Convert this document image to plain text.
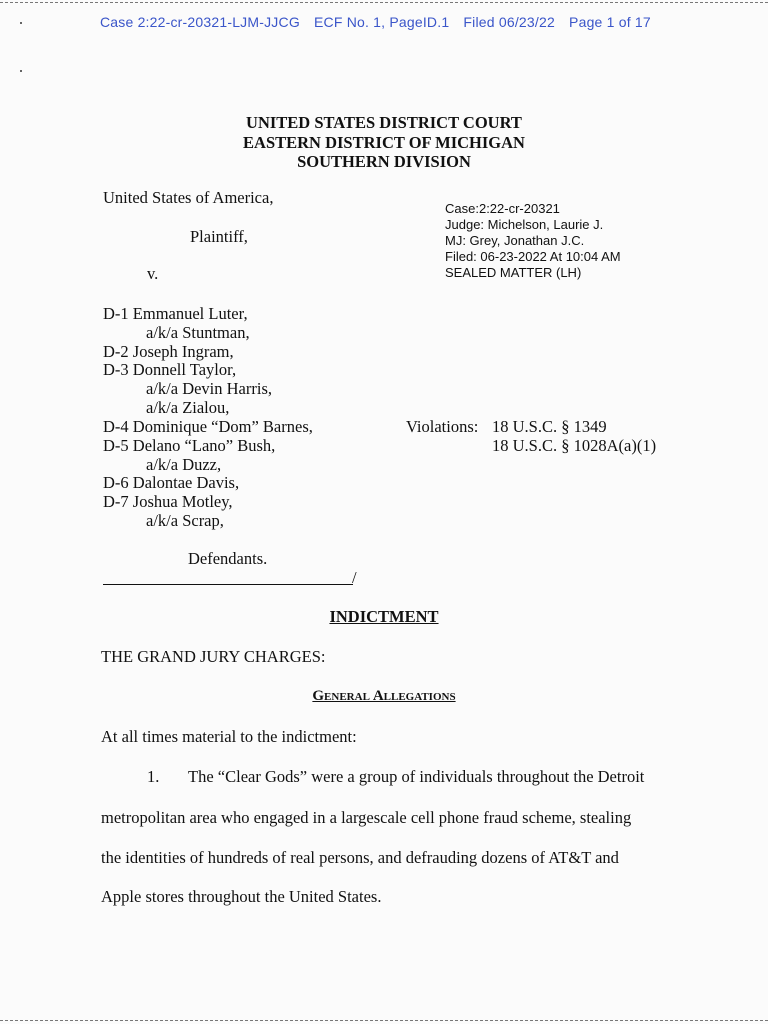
Case 2:22-cr-20321-LJM-JJCG ECF No. 1, PageID.1 Filed 06/23/22 Page 1 of 17
UNITED STATES DISTRICT COURT
EASTERN DISTRICT OF MICHIGAN
SOUTHERN DIVISION
United States of America,
Plaintiff,
v.
D-1 Emmanuel Luter,
a/k/a Stuntman,
D-2 Joseph Ingram,
D-3 Donnell Taylor,
a/k/a Devin Harris,
a/k/a Zialou,
D-4 Dominique “Dom” Barnes,
D-5 Delano “Lano” Bush,
a/k/a Duzz,
D-6 Dalontae Davis,
D-7 Joshua Motley,
a/k/a Scrap,
Defendants.
/
Case:2:22-cr-20321
Judge: Michelson, Laurie J.
MJ: Grey, Jonathan J.C.
Filed: 06-23-2022 At 10:04 AM
SEALED MATTER (LH)
Violations: 18 U.S.C. § 1349
18 U.S.C. § 1028A(a)(1)
INDICTMENT
THE GRAND JURY CHARGES:
General Allegations
At all times material to the indictment:
1. The “Clear Gods” were a group of individuals throughout the Detroit
metropolitan area who engaged in a largescale cell phone fraud scheme, stealing
the identities of hundreds of real persons, and defrauding dozens of AT&T and
Apple stores throughout the United States.
